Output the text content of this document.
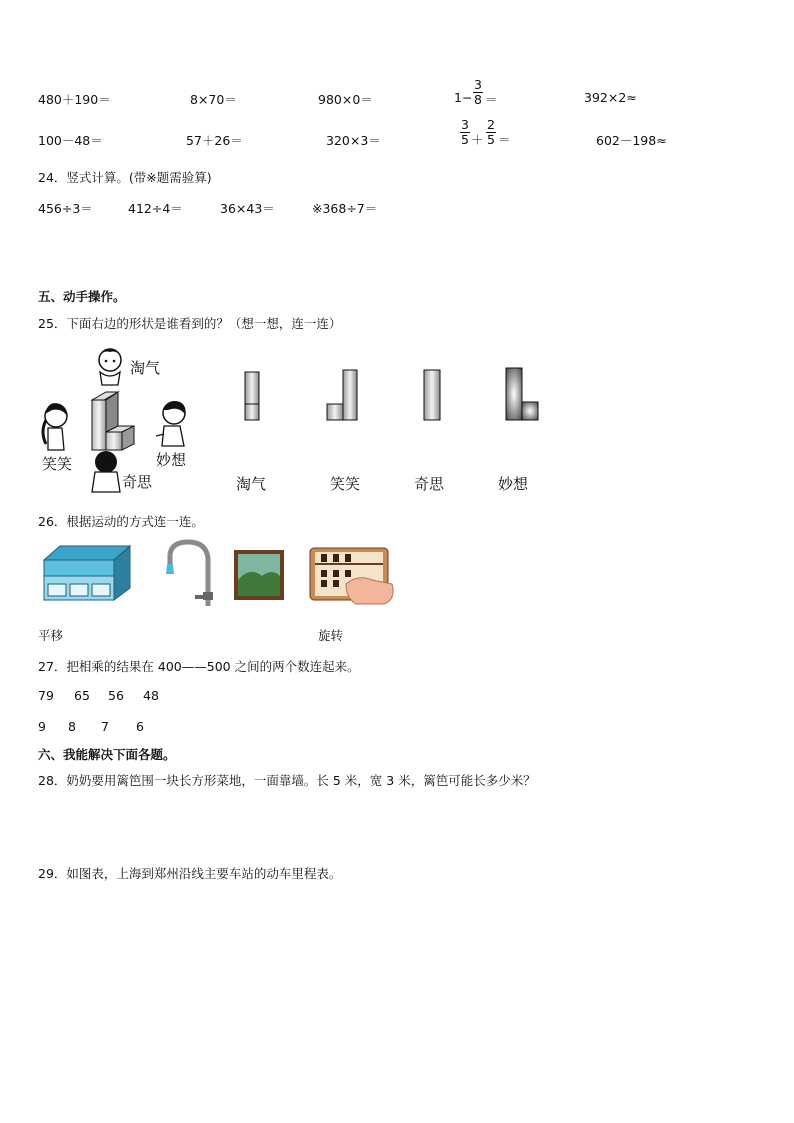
480＋190＝	8×70＝	980×0＝	$1 - \frac{3}{8}$ ＝	392×2≈
100－48＝	57＋26＝	320×3＝	$\frac{3}{5} + \frac{2}{5}$ ＝	602－198≈
24．竖式计算。(带※题需验算)
456÷3＝	412÷4＝	36×43＝	※368÷7＝
五、动手操作。
25．下面右边的形状是谁看到的？（想一想，连一连）
淘气
笑笑	妙想
奇思	淘气	笑笑	奇思	妙想
26．根据运动的方式连一连。
平移	旋转
27．把相乘的结果在 400——500 之间的两个数连起来。
79 65 56 48
9 8 7 6
六、我能解决下面各题。
28．奶奶要用篱笆围一块长方形菜地，一面靠墙。长 5 米，宽 3 米，篱笆可能长多少米？
29．如图表，上海到郑州沿线主要车站的动车里程表。
